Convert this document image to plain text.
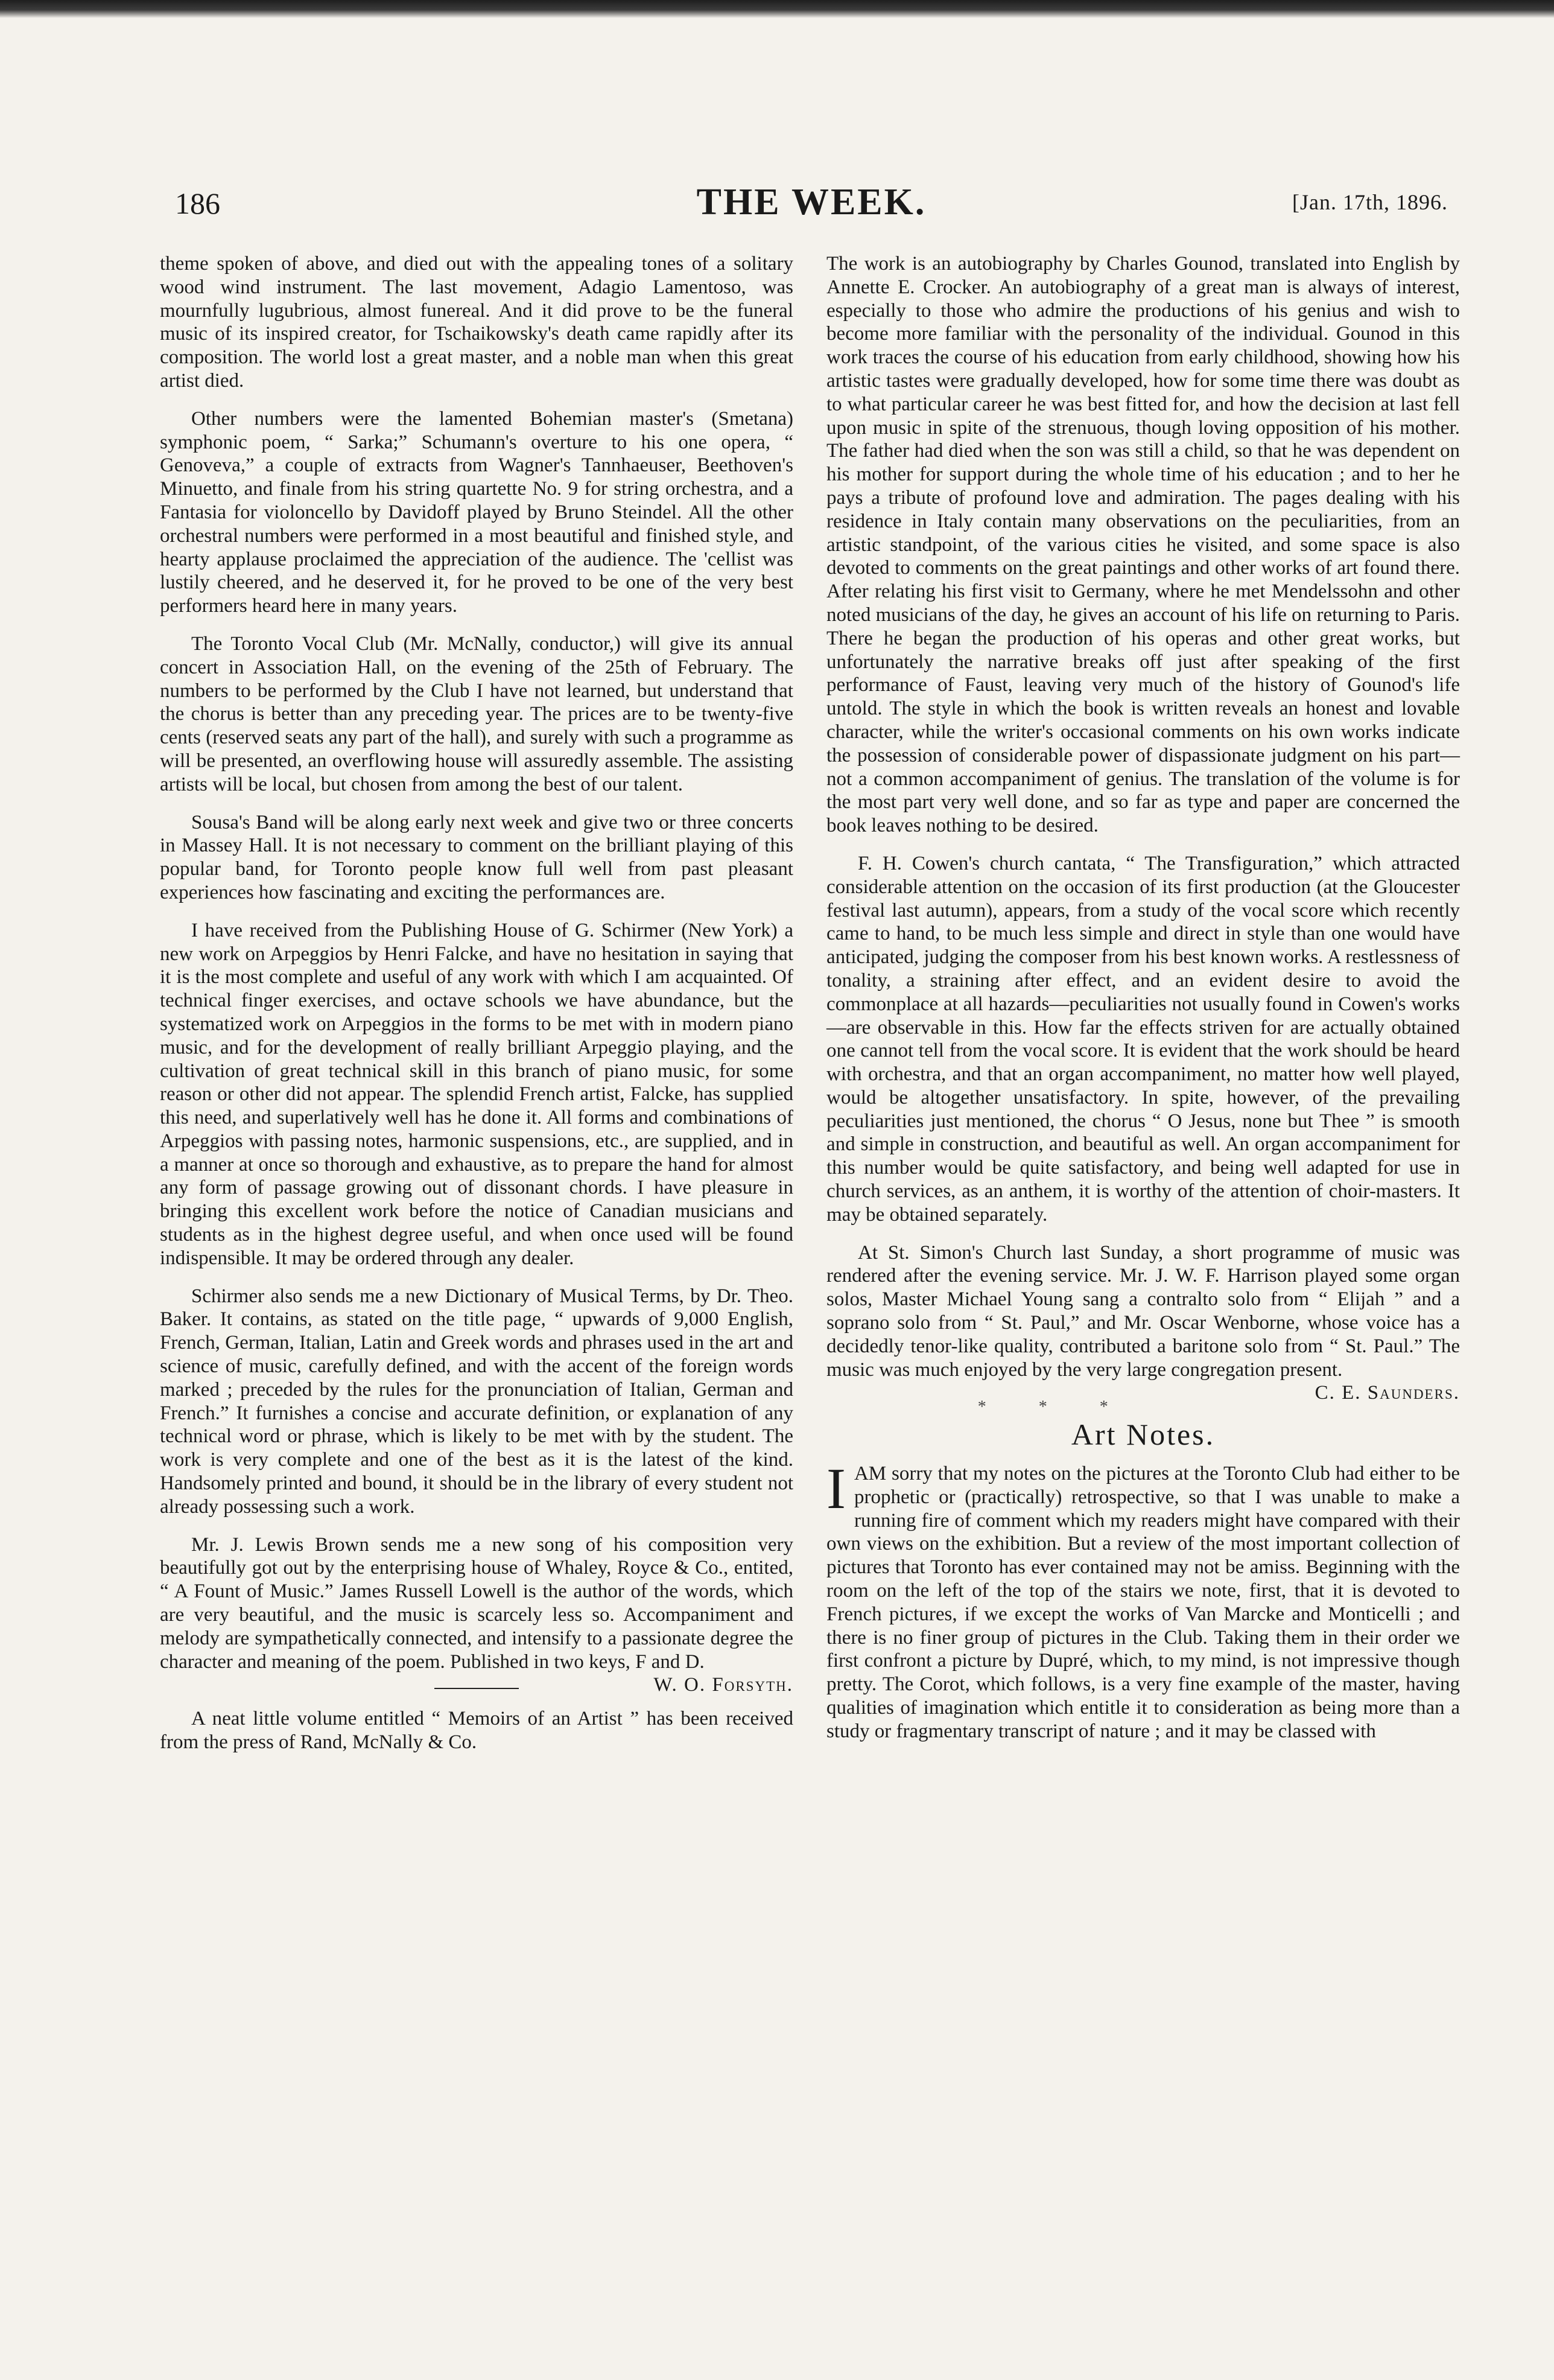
186	THE WEEK.	[Jan. 17th, 1896.

theme spoken of above, and died out with the appealing tones of a solitary wood wind instrument. The last movement, Adagio Lamentoso, was mournfully lugubrious, almost funereal. And it did prove to be the funeral music of its inspired creator, for Tschaikowsky's death came rapidly after its composition. The world lost a great master, and a noble man when this great artist died.

Other numbers were the lamented Bohemian master's (Smetana) symphonic poem, “ Sarka;” Schumann's overture to his one opera, “ Genoveva,” a couple of extracts from Wagner's Tannhaeuser, Beethoven's Minuetto, and finale from his string quartette No. 9 for string orchestra, and a Fantasia for violoncello by Davidoff played by Bruno Steindel. All the other orchestral numbers were performed in a most beautiful and finished style, and hearty applause proclaimed the appreciation of the audience. The 'cellist was lustily cheered, and he deserved it, for he proved to be one of the very best performers heard here in many years.

The Toronto Vocal Club (Mr. McNally, conductor,) will give its annual concert in Association Hall, on the evening of the 25th of February. The numbers to be performed by the Club I have not learned, but understand that the chorus is better than any preceding year. The prices are to be twenty-five cents (reserved seats any part of the hall), and surely with such a programme as will be presented, an overflowing house will assuredly assemble. The assisting artists will be local, but chosen from among the best of our talent.

Sousa's Band will be along early next week and give two or three concerts in Massey Hall. It is not necessary to comment on the brilliant playing of this popular band, for Toronto people know full well from past pleasant experiences how fascinating and exciting the performances are.

I have received from the Publishing House of G. Schirmer (New York) a new work on Arpeggios by Henri Falcke, and have no hesitation in saying that it is the most complete and useful of any work with which I am acquainted. Of technical finger exercises, and octave schools we have abundance, but the systematized work on Arpeggios in the forms to be met with in modern piano music, and for the development of really brilliant Arpeggio playing, and the cultivation of great technical skill in this branch of piano music, for some reason or other did not appear. The splendid French artist, Falcke, has supplied this need, and superlatively well has he done it. All forms and combinations of Arpeggios with passing notes, harmonic suspensions, etc., are supplied, and in a manner at once so thorough and exhaustive, as to prepare the hand for almost any form of passage growing out of dissonant chords. I have pleasure in bringing this excellent work before the notice of Canadian musicians and students as in the highest degree useful, and when once used will be found indispensible. It may be ordered through any dealer.

Schirmer also sends me a new Dictionary of Musical Terms, by Dr. Theo. Baker. It contains, as stated on the title page, “ upwards of 9,000 English, French, German, Italian, Latin and Greek words and phrases used in the art and science of music, carefully defined, and with the accent of the foreign words marked ; preceded by the rules for the pronunciation of Italian, German and French.” It furnishes a concise and accurate definition, or explanation of any technical word or phrase, which is likely to be met with by the student. The work is very complete and one of the best as it is the latest of the kind. Handsomely printed and bound, it should be in the library of every student not already possessing such a work.

Mr. J. Lewis Brown sends me a new song of his composition very beautifully got out by the enterprising house of Whaley, Royce & Co., entited, “ A Fount of Music.” James Russell Lowell is the author of the words, which are very beautiful, and the music is scarcely less so. Accompaniment and melody are sympathetically connected, and intensify to a passionate degree the character and meaning of the poem. Published in two keys, F and D.
W. O. Forsyth.

A neat little volume entitled “ Memoirs of an Artist ” has been received from the press of Rand, McNally & Co.

The work is an autobiography by Charles Gounod, translated into English by Annette E. Crocker. An autobiography of a great man is always of interest, especially to those who admire the productions of his genius and wish to become more familiar with the personality of the individual. Gounod in this work traces the course of his education from early childhood, showing how his artistic tastes were gradually developed, how for some time there was doubt as to what particular career he was best fitted for, and how the decision at last fell upon music in spite of the strenuous, though loving opposition of his mother. The father had died when the son was still a child, so that he was dependent on his mother for support during the whole time of his education ; and to her he pays a tribute of profound love and admiration. The pages dealing with his residence in Italy contain many observations on the peculiarities, from an artistic standpoint, of the various cities he visited, and some space is also devoted to comments on the great paintings and other works of art found there. After relating his first visit to Germany, where he met Mendelssohn and other noted musicians of the day, he gives an account of his life on returning to Paris. There he began the production of his operas and other great works, but unfortunately the narrative breaks off just after speaking of the first performance of Faust, leaving very much of the history of Gounod's life untold. The style in which the book is written reveals an honest and lovable character, while the writer's occasional comments on his own works indicate the possession of considerable power of dispassionate judgment on his part—not a common accompaniment of genius. The translation of the volume is for the most part very well done, and so far as type and paper are concerned the book leaves nothing to be desired.

F. H. Cowen's church cantata, “ The Transfiguration,” which attracted considerable attention on the occasion of its first production (at the Gloucester festival last autumn), appears, from a study of the vocal score which recently came to hand, to be much less simple and direct in style than one would have anticipated, judging the composer from his best known works. A restlessness of tonality, a straining after effect, and an evident desire to avoid the commonplace at all hazards—peculiarities not usually found in Cowen's works—are observable in this. How far the effects striven for are actually obtained one cannot tell from the vocal score. It is evident that the work should be heard with orchestra, and that an organ accompaniment, no matter how well played, would be altogether unsatisfactory. In spite, however, of the prevailing peculiarities just mentioned, the chorus “ O Jesus, none but Thee ” is smooth and simple in construction, and beautiful as well. An organ accompaniment for this number would be quite satisfactory, and being well adapted for use in church services, as an anthem, it is worthy of the attention of choir-masters. It may be obtained separately.

At St. Simon's Church last Sunday, a short programme of music was rendered after the evening service. Mr. J. W. F. Harrison played some organ solos, Master Michael Young sang a contralto solo from “ Elijah ” and a soprano solo from “ St. Paul,” and Mr. Oscar Wenborne, whose voice has a decidedly tenor-like quality, contributed a baritone solo from “ St. Paul.” The music was much enjoyed by the very large congregation present.
C. E. Saunders.

* * *
Art Notes.

IAM sorry that my notes on the pictures at the Toronto Club had either to be prophetic or (practically) retrospective, so that I was unable to make a running fire of comment which my readers might have compared with their own views on the exhibition. But a review of the most important collection of pictures that Toronto has ever contained may not be amiss. Beginning with the room on the left of the top of the stairs we note, first, that it is devoted to French pictures, if we except the works of Van Marcke and Monticelli ; and there is no finer group of pictures in the Club. Taking them in their order we first confront a picture by Dupré, which, to my mind, is not impressive though pretty. The Corot, which follows, is a very fine example of the master, having qualities of imagination which entitle it to consideration as being more than a study or fragmentary transcript of nature ; and it may be classed with
